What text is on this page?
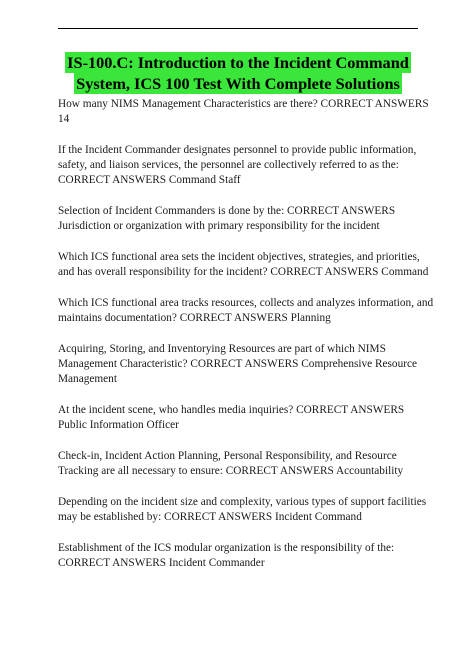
IS-100.C: Introduction to the Incident Command
System, ICS 100 Test With Complete Solutions

How many NIMS Management Characteristics are there? CORRECT ANSWERS
14

If the Incident Commander designates personnel to provide public information,
safety, and liaison services, the personnel are collectively referred to as the:
CORRECT ANSWERS Command Staff

Selection of Incident Commanders is done by the: CORRECT ANSWERS
Jurisdiction or organization with primary responsibility for the incident

Which ICS functional area sets the incident objectives, strategies, and priorities,
and has overall responsibility for the incident? CORRECT ANSWERS Command

Which ICS functional area tracks resources, collects and analyzes information, and
maintains documentation? CORRECT ANSWERS Planning

Acquiring, Storing, and Inventorying Resources are part of which NIMS
Management Characteristic? CORRECT ANSWERS Comprehensive Resource
Management

At the incident scene, who handles media inquiries? CORRECT ANSWERS
Public Information Officer

Check-in, Incident Action Planning, Personal Responsibility, and Resource
Tracking are all necessary to ensure: CORRECT ANSWERS Accountability

Depending on the incident size and complexity, various types of support facilities
may be established by: CORRECT ANSWERS Incident Command

Establishment of the ICS modular organization is the responsibility of the:
CORRECT ANSWERS Incident Commander
